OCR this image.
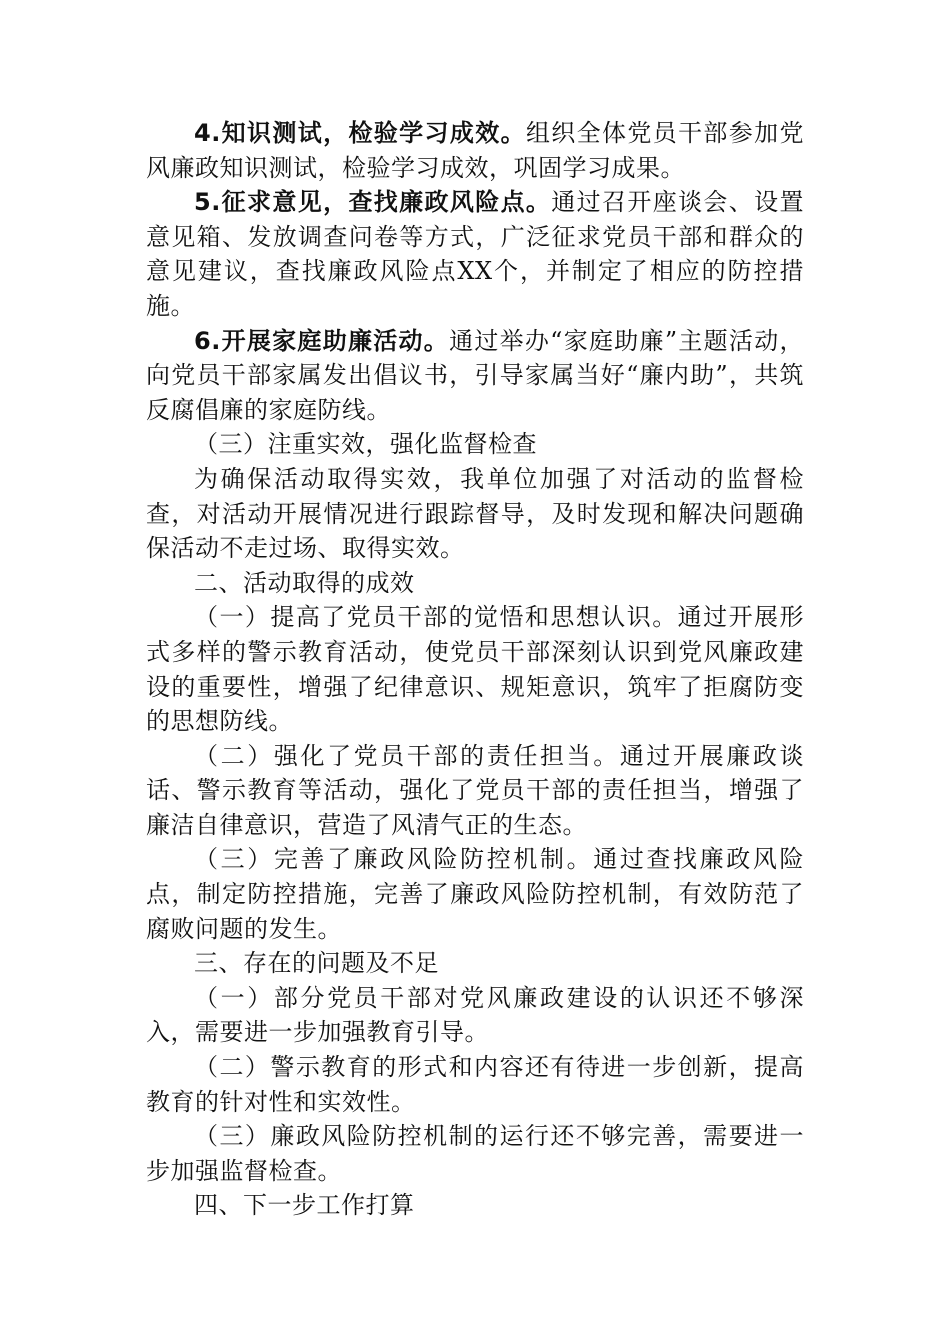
4.知识测试，检验学习成效。组织全体党员干部参加党风廉政知识测试，检验学习成效，巩固学习成果。

5.征求意见，查找廉政风险点。通过召开座谈会、设置意见箱、发放调查问卷等方式，广泛征求党员干部和群众的意见建议，查找廉政风险点XX个，并制定了相应的防控措施。

6.开展家庭助廉活动。通过举办“家庭助廉”主题活动，向党员干部家属发出倡议书，引导家属当好“廉内助”，共筑反腐倡廉的家庭防线。

（三）注重实效，强化监督检查

为确保活动取得实效，我单位加强了对活动的监督检查，对活动开展情况进行跟踪督导，及时发现和解决问题确保活动不走过场、取得实效。

二、活动取得的成效

（一）提高了党员干部的觉悟和思想认识。通过开展形式多样的警示教育活动，使党员干部深刻认识到党风廉政建设的重要性，增强了纪律意识、规矩意识，筑牢了拒腐防变的思想防线。

（二）强化了党员干部的责任担当。通过开展廉政谈话、警示教育等活动，强化了党员干部的责任担当，增强了廉洁自律意识，营造了风清气正的生态。

（三）完善了廉政风险防控机制。通过查找廉政风险点，制定防控措施，完善了廉政风险防控机制，有效防范了腐败问题的发生。

三、存在的问题及不足

（一）部分党员干部对党风廉政建设的认识还不够深入，需要进一步加强教育引导。

（二）警示教育的形式和内容还有待进一步创新，提高教育的针对性和实效性。

（三）廉政风险防控机制的运行还不够完善，需要进一步加强监督检查。

四、下一步工作打算
